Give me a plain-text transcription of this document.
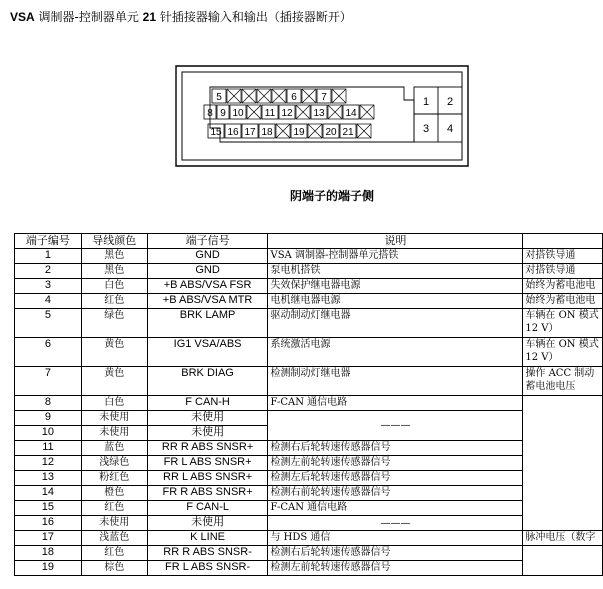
VSA 调制器-控制器单元 21 针插接器输入和输出（插接器断开）
5	6 7
8 9 10 11 12 13 14
15 16 17 18 19 20 21
1 2
3 4
阴端子的端子侧
端子编号	导线颜色	端子信号	说明	
1	黑色	GND	VSA 调制器-控制器单元搭铁	对搭铁导通
2	黑色	GND	泵电机搭铁	对搭铁导通
3	白色	+B ABS/VSA FSR	失效保护继电器电源	始终为蓄电池电
4	红色	+B ABS/VSA MTR	电机继电器电源	始终为蓄电池电
5	绿色	BRK LAMP	驱动制动灯继电器	车辆在 ON 模式 12 V）
6	黄色	IG1 VSA/ABS	系统激活电源	车辆在 ON 模式 12 V）
7	黄色	BRK DIAG	检测制动灯继电器	操作 ACC 制动 蓄电池电压
8	白色	F CAN-H	F-CAN 通信电路	
9	未使用	未使用	———	
10	未使用	未使用		
11	蓝色	RR R ABS SNSR+	检测右后轮转速传感器信号	
12	浅绿色	FR L ABS SNSR+	检测左前轮转速传感器信号	
13	粉红色	RR L ABS SNSR+	检测左后轮转速传感器信号	
14	橙色	FR R ABS SNSR+	检测右前轮转速传感器信号	
15	红色	F CAN-L	F-CAN 通信电路	
16	未使用	未使用	———	
17	浅蓝色	K LINE	与 HDS 通信	脉冲电压（数字
18	红色	RR R ABS SNSR-	检测右后轮转速传感器信号	
19	棕色	FR L ABS SNSR-	检测左前轮转速传感器信号	
